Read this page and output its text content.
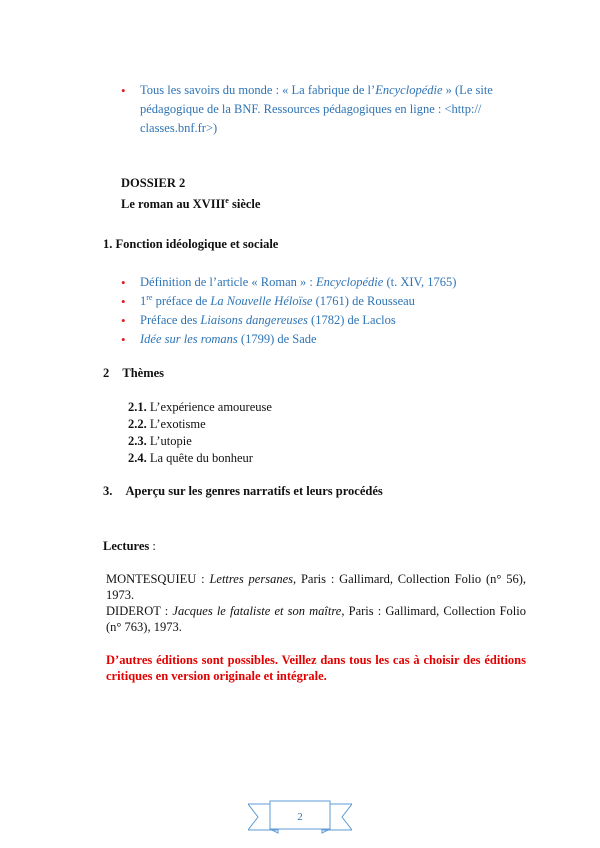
• Tous les savoirs du monde : « La fabrique de l’Encyclopédie » (Le site pédagogique de la BNF. Ressources pédagogiques en ligne : <http:// classes.bnf.fr>)
DOSSIER 2
Le roman au XVIIIe siècle
1. Fonction idéologique et sociale
• Définition de l’article « Roman » : Encyclopédie (t. XIV, 1765)
• 1re préface de La Nouvelle Héloïse (1761) de Rousseau
• Préface des Liaisons dangereuses (1782) de Laclos
• Idée sur les romans (1799) de Sade
2 Thèmes
2.1. L’expérience amoureuse
2.2. L’exotisme
2.3. L’utopie
2.4. La quête du bonheur
3. Aperçu sur les genres narratifs et leurs procédés
Lectures :
MONTESQUIEU : Lettres persanes, Paris : Gallimard, Collection Folio (n° 56), 1973.
DIDEROT : Jacques le fataliste et son maître, Paris : Gallimard, Collection Folio (n° 763), 1973.
D’autres éditions sont possibles. Veillez dans tous les cas à choisir des éditions critiques en version originale et intégrale.
2
